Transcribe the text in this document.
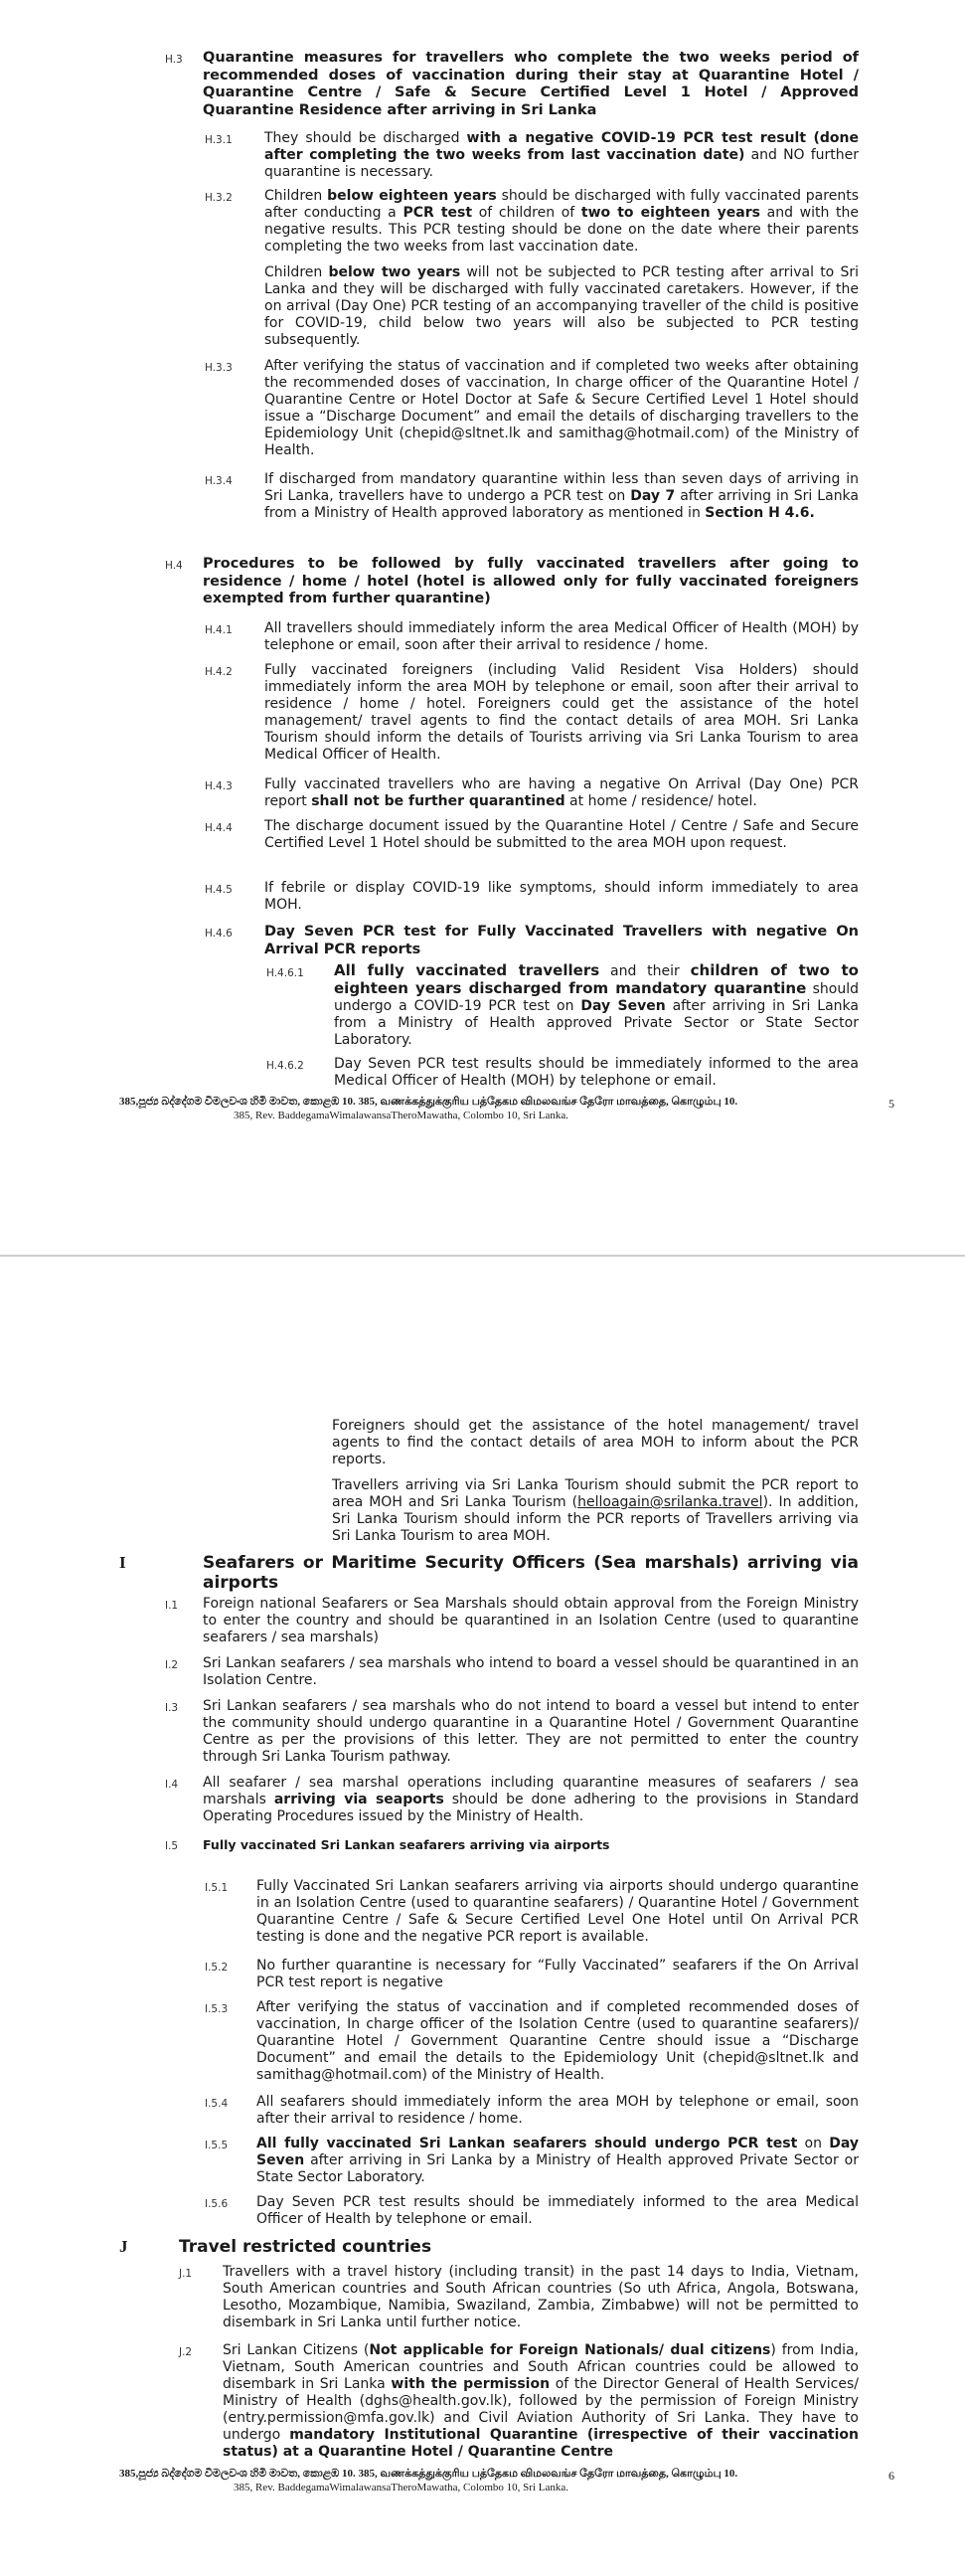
H.3 Quarantine measures for travellers who complete the two weeks period of recommended doses of vaccination during their stay at Quarantine Hotel / Quarantine Centre / Safe & Secure Certified Level 1 Hotel / Approved Quarantine Residence after arriving in Sri Lanka
H.3.1 They should be discharged with a negative COVID-19 PCR test result (done after completing the two weeks from last vaccination date) and NO further quarantine is necessary.
H.3.2 Children below eighteen years should be discharged with fully vaccinated parents after conducting a PCR test of children of two to eighteen years and with the negative results. This PCR testing should be done on the date where their parents completing the two weeks from last vaccination date.
Children below two years will not be subjected to PCR testing after arrival to Sri Lanka and they will be discharged with fully vaccinated caretakers. However, if the on arrival (Day One) PCR testing of an accompanying traveller of the child is positive for COVID-19, child below two years will also be subjected to PCR testing subsequently.
H.3.3 After verifying the status of vaccination and if completed two weeks after obtaining the recommended doses of vaccination, In charge officer of the Quarantine Hotel / Quarantine Centre or Hotel Doctor at Safe & Secure Certified Level 1 Hotel should issue a “Discharge Document” and email the details of discharging travellers to the Epidemiology Unit (chepid@sltnet.lk and samithag@hotmail.com) of the Ministry of Health.
H.3.4 If discharged from mandatory quarantine within less than seven days of arriving in Sri Lanka, travellers have to undergo a PCR test on Day 7 after arriving in Sri Lanka from a Ministry of Health approved laboratory as mentioned in Section H 4.6.
H.4 Procedures to be followed by fully vaccinated travellers after going to residence / home / hotel (hotel is allowed only for fully vaccinated foreigners exempted from further quarantine)
H.4.1 All travellers should immediately inform the area Medical Officer of Health (MOH) by telephone or email, soon after their arrival to residence / home.
H.4.2 Fully vaccinated foreigners (including Valid Resident Visa Holders) should immediately inform the area MOH by telephone or email, soon after their arrival to residence / home / hotel. Foreigners could get the assistance of the hotel management/ travel agents to find the contact details of area MOH. Sri Lanka Tourism should inform the details of Tourists arriving via Sri Lanka Tourism to area Medical Officer of Health.
H.4.3 Fully vaccinated travellers who are having a negative On Arrival (Day One) PCR report shall not be further quarantined at home / residence/ hotel.
H.4.4 The discharge document issued by the Quarantine Hotel / Centre / Safe and Secure Certified Level 1 Hotel should be submitted to the area MOH upon request.
H.4.5 If febrile or display COVID-19 like symptoms, should inform immediately to area MOH.
H.4.6 Day Seven PCR test for Fully Vaccinated Travellers with negative On Arrival PCR reports
H.4.6.1 All fully vaccinated travellers and their children of two to eighteen years discharged from mandatory quarantine should undergo a COVID-19 PCR test on Day Seven after arriving in Sri Lanka from a Ministry of Health approved Private Sector or State Sector Laboratory.
H.4.6.2 Day Seven PCR test results should be immediately informed to the area Medical Officer of Health (MOH) by telephone or email.
385,පූජ්‍ය බද්දේගම විමලවංශ හිමි මාවත, කොළඹ 10. 385, வணக்கத்துக்குரிய பத்தேகம விமலவங்ச தேரோ மாவத்தை, கொழும்பு 10.
385, Rev. BaddegamaWimalawansaTheroMawatha, Colombo 10, Sri Lanka.
5
Foreigners should get the assistance of the hotel management/ travel agents to find the contact details of area MOH to inform about the PCR reports.
Travellers arriving via Sri Lanka Tourism should submit the PCR report to area MOH and Sri Lanka Tourism (helloagain@srilanka.travel). In addition, Sri Lanka Tourism should inform the PCR reports of Travellers arriving via Sri Lanka Tourism to area MOH.
I	Seafarers or Maritime Security Officers (Sea marshals) arriving via airports
I.1 Foreign national Seafarers or Sea Marshals should obtain approval from the Foreign Ministry to enter the country and should be quarantined in an Isolation Centre (used to quarantine seafarers / sea marshals)
I.2 Sri Lankan seafarers / sea marshals who intend to board a vessel should be quarantined in an Isolation Centre.
I.3 Sri Lankan seafarers / sea marshals who do not intend to board a vessel but intend to enter the community should undergo quarantine in a Quarantine Hotel / Government Quarantine Centre as per the provisions of this letter. They are not permitted to enter the country through Sri Lanka Tourism pathway.
I.4 All seafarer / sea marshal operations including quarantine measures of seafarers / sea marshals arriving via seaports should be done adhering to the provisions in Standard Operating Procedures issued by the Ministry of Health.
I.5 Fully vaccinated Sri Lankan seafarers arriving via airports
I.5.1 Fully Vaccinated Sri Lankan seafarers arriving via airports should undergo quarantine in an Isolation Centre (used to quarantine seafarers) / Quarantine Hotel / Government Quarantine Centre / Safe & Secure Certified Level One Hotel until On Arrival PCR testing is done and the negative PCR report is available.
I.5.2 No further quarantine is necessary for “Fully Vaccinated” seafarers if the On Arrival PCR test report is negative
I.5.3 After verifying the status of vaccination and if completed recommended doses of vaccination, In charge officer of the Isolation Centre (used to quarantine seafarers)/ Quarantine Hotel / Government Quarantine Centre should issue a “Discharge Document” and email the details to the Epidemiology Unit (chepid@sltnet.lk and samithag@hotmail.com) of the Ministry of Health.
I.5.4 All seafarers should immediately inform the area MOH by telephone or email, soon after their arrival to residence / home.
I.5.5 All fully vaccinated Sri Lankan seafarers should undergo PCR test on Day Seven after arriving in Sri Lanka by a Ministry of Health approved Private Sector or State Sector Laboratory.
I.5.6 Day Seven PCR test results should be immediately informed to the area Medical Officer of Health by telephone or email.
J	Travel restricted countries
J.1 Travellers with a travel history (including transit) in the past 14 days to India, Vietnam, South American countries and South African countries (So uth Africa, Angola, Botswana, Lesotho, Mozambique, Namibia, Swaziland, Zambia, Zimbabwe) will not be permitted to disembark in Sri Lanka until further notice.
J.2 Sri Lankan Citizens (Not applicable for Foreign Nationals/ dual citizens) from India, Vietnam, South American countries and South African countries could be allowed to disembark in Sri Lanka with the permission of the Director General of Health Services/ Ministry of Health (dghs@health.gov.lk), followed by the permission of Foreign Ministry (entry.permission@mfa.gov.lk) and Civil Aviation Authority of Sri Lanka. They have to undergo mandatory Institutional Quarantine (irrespective of their vaccination status) at a Quarantine Hotel / Quarantine Centre
385,පූජ්‍ය බද්දේගම විමලවංශ හිමි මාවත, කොළඹ 10. 385, வணக்கத்துக்குரிய பத்தேகம விமலவங்ச தேரோ மாவத்தை, கொழும்பு 10.
385, Rev. BaddegamaWimalawansaTheroMawatha, Colombo 10, Sri Lanka.
6
